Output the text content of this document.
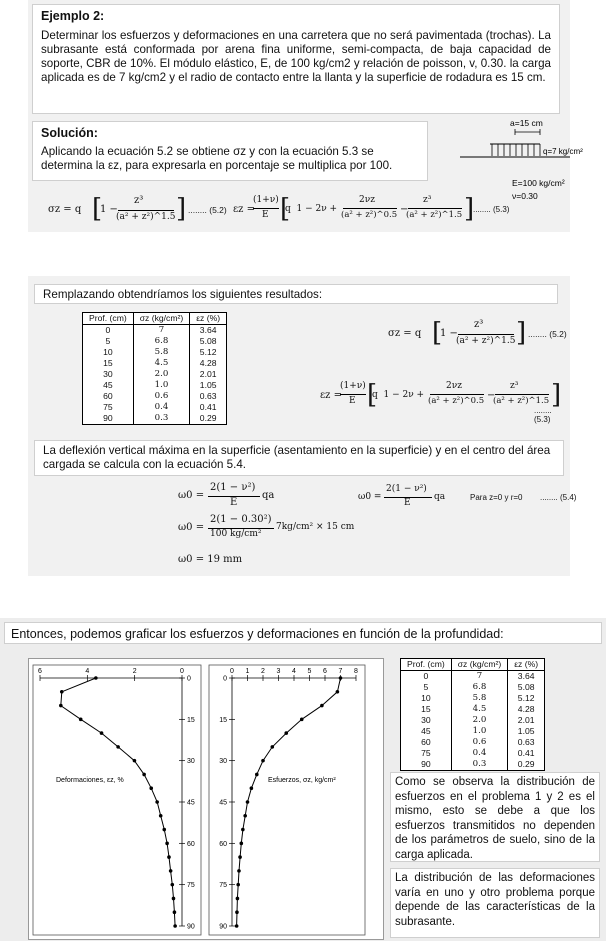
Ejemplo 2:
Determinar los esfuerzos y deformaciones en una carretera que no será pavimentada (trochas). La subrasante está conformada por arena fina uniforme, semi-compacta, de baja capacidad de soporte, CBR de 10%. El módulo elástico, E, de 100 kg/cm2 y relación de poisson, v, 0.30. la carga aplicada es de 7 kg/cm2 y el radio de contacto entre la llanta y la superficie de rodadura es 15 cm.
Solución:
Aplicando la ecuación 5.2 se obtiene σz y con la ecuación 5.3 se determina la εz, para expresarla en porcentaje se multiplica por 100.
a=15 cm
q=7 kg/cm²
E=100 kg/cm²
ν=0.30
σz = q [
1 −
z³
(a² + z²)^1.5 ] ........ (5.2) εz =
(1+ν)
E [
q  1 − 2ν +
2νz
(a² + z²)^0.5 −
z³
(a² + z²)^1.5 ]
........ (5.3)
Remplazando obtendríamos los siguientes resultados:
Prof. (cm)	σz (kg/cm²)	εz (%)
0	7	3.64
5	6.8	5.08
10	5.8	5.12
15	4.5	4.28
30	2.0	2.01
45	1.0	1.05
60	0.6	0.63
75	0.4	0.41
90	0.3	0.29
σz = q [
1 −
z³
(a² + z²)^1.5 ] ........ (5.2)
εz =
(1+ν)
E [
q  1 − 2ν +
2νz
(a² + z²)^0.5 −
z³
(a² + z²)^1.5 ]
........ (5.3)
La deflexión vertical máxima en la superficie (asentamiento en la superficie) y en el centro del área cargada se calcula con la ecuación 5.4.
ω0 =
2(1 − ν²)
E
qa
ω0 =
2(1 − 0.30²)
100 kg/cm²
7kg/cm² × 15 cm
ω0 = 19 mm
ω0 =
2(1 − ν²)
E
qa	Para z=0 y r=0 ........ (5.4)
Entonces, podemos graficar los esfuerzos y deformaciones en función de la profundidad:
6	4	2	0
0
15
30
45
60
75
90
Deformaciones, εz, %
0 1 2 3 4 5 6 7 8
0
15
30
45
60
75
90
Esfuerzos, σz, kg/cm²
Prof. (cm)	σz (kg/cm²)	εz (%)
0	7	3.64
5	6.8	5.08
10	5.8	5.12
15	4.5	4.28
30	2.0	2.01
45	1.0	1.05
60	0.6	0.63
75	0.4	0.41
90	0.3	0.29
Como se observa la distribución de esfuerzos en el problema 1 y 2 es el mismo, esto se debe a que los esfuerzos transmitidos no dependen de los parámetros de suelo, sino de la carga aplicada.
La distribución de las deformaciones varía en uno y otro problema porque depende de las características de la subrasante.
